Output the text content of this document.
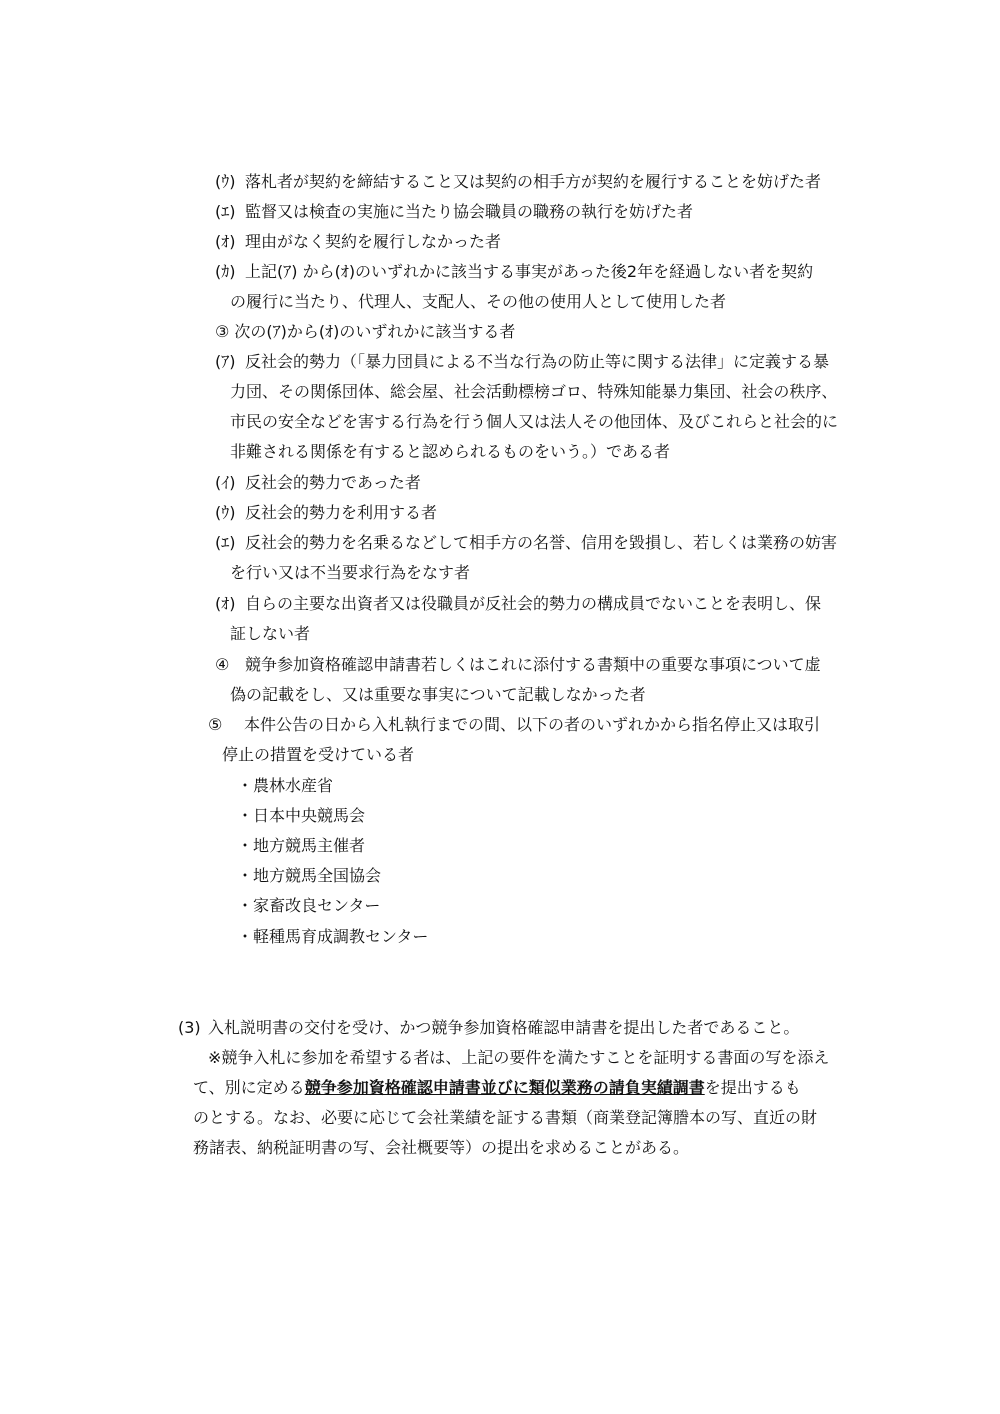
(ｳ) 落札者が契約を締結すること又は契約の相手方が契約を履行することを妨げた者
(ｴ) 監督又は検査の実施に当たり協会職員の職務の執行を妨げた者
(ｵ) 理由がなく契約を履行しなかった者
(ｶ) 上記(ｱ) から(ｵ)のいずれかに該当する事実があった後2年を経過しない者を契約
の履行に当たり、代理人、支配人、その他の使用人として使用した者
③ 次の(ｱ)から(ｵ)のいずれかに該当する者
(ｱ) 反社会的勢力（「暴力団員による不当な行為の防止等に関する法律」に定義する暴
力団、その関係団体、総会屋、社会活動標榜ゴロ、特殊知能暴力集団、社会の秩序、
市民の安全などを害する行為を行う個人又は法人その他団体、及びこれらと社会的に
非難される関係を有すると認められるものをいう。）である者
(ｲ) 反社会的勢力であった者
(ｳ) 反社会的勢力を利用する者
(ｴ) 反社会的勢力を名乗るなどして相手方の名誉、信用を毀損し、若しくは業務の妨害
を行い又は不当要求行為をなす者
(ｵ) 自らの主要な出資者又は役職員が反社会的勢力の構成員でないことを表明し、保
証しない者
④ 競争参加資格確認申請書若しくはこれに添付する書類中の重要な事項について虚
偽の記載をし、又は重要な事実について記載しなかった者
⑤ 本件公告の日から入札執行までの間、以下の者のいずれかから指名停止又は取引
停止の措置を受けている者
・農林水産省
・日本中央競馬会
・地方競馬主催者
・地方競馬全国協会
・家畜改良センター
・軽種馬育成調教センター
(3) 入札説明書の交付を受け、かつ競争参加資格確認申請書を提出した者であること。
※競争入札に参加を希望する者は、上記の要件を満たすことを証明する書面の写を添え
て、別に定める競争参加資格確認申請書並びに類似業務の請負実績調書を提出するも
のとする。なお、必要に応じて会社業績を証する書類（商業登記簿謄本の写、直近の財
務諸表、納税証明書の写、会社概要等）の提出を求めることがある。
